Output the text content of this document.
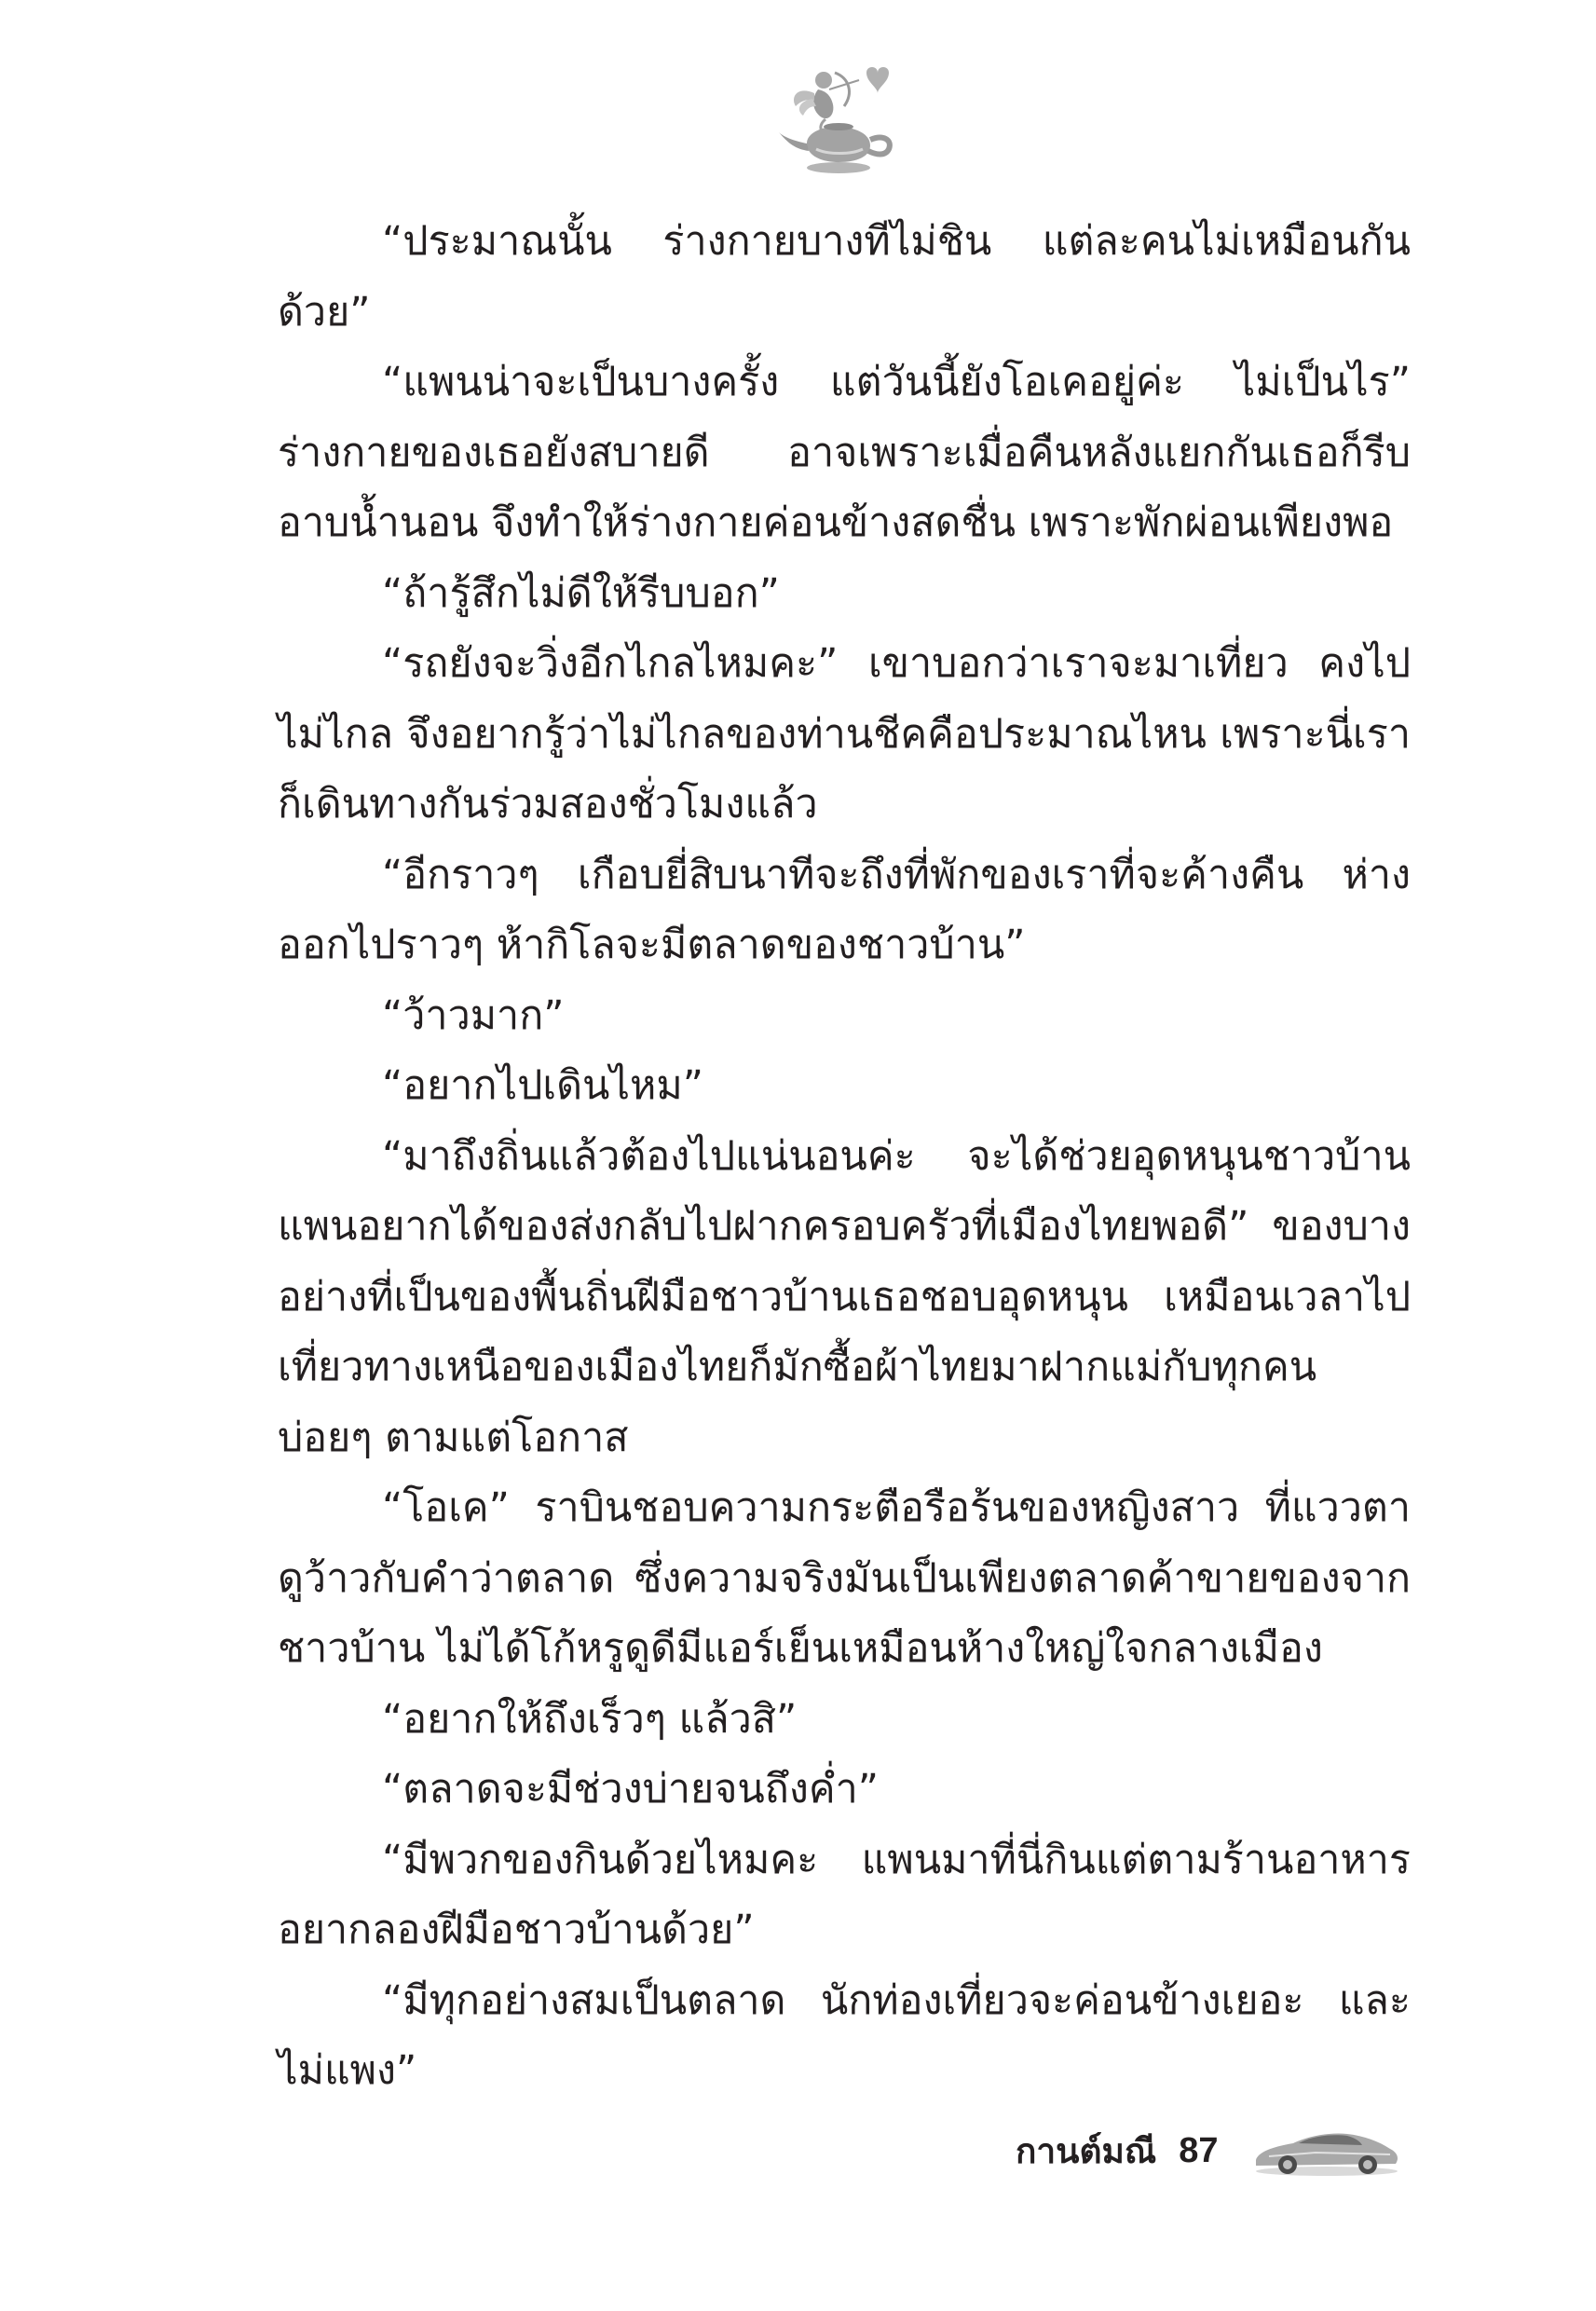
“ประมาณนั้น ร่างกายบางทีไม่ชิน แต่ละคนไม่เหมือนกันด้วย”

“แพนน่าจะเป็นบางครั้ง แต่วันนี้ยังโอเคอยู่ค่ะ ไม่เป็นไร” ร่างกายของเธอยังสบายดี อาจเพราะเมื่อคืนหลังแยกกันเธอก็รีบอาบน้ำนอน จึงทำให้ร่างกายค่อนข้างสดชื่น เพราะพักผ่อนเพียงพอ

“ถ้ารู้สึกไม่ดีให้รีบบอก”

“รถยังจะวิ่งอีกไกลไหมคะ” เขาบอกว่าเราจะมาเที่ยว คงไปไม่ไกล จึงอยากรู้ว่าไม่ไกลของท่านชีคคือประมาณไหน เพราะนี่เราก็เดินทางกันร่วมสองชั่วโมงแล้ว

“อีกราวๆ เกือบยี่สิบนาทีจะถึงที่พักของเราที่จะค้างคืน ห่างออกไปราวๆ ห้ากิโลจะมีตลาดของชาวบ้าน”

“ว้าวมาก”

“อยากไปเดินไหม”

“มาถึงถิ่นแล้วต้องไปแน่นอนค่ะ จะได้ช่วยอุดหนุนชาวบ้าน แพนอยากได้ของส่งกลับไปฝากครอบครัวที่เมืองไทยพอดี” ของบางอย่างที่เป็นของพื้นถิ่นฝีมือชาวบ้านเธอชอบอุดหนุน เหมือนเวลาไปเที่ยวทางเหนือของเมืองไทยก็มักซื้อผ้าไทยมาฝากแม่กับทุกคนบ่อยๆ ตามแต่โอกาส

“โอเค” ราบินชอบความกระตือรือร้นของหญิงสาว ที่แววตาดูว้าวกับคำว่าตลาด ซึ่งความจริงมันเป็นเพียงตลาดค้าขายของจากชาวบ้าน ไม่ได้โก้หรูดูดีมีแอร์เย็นเหมือนห้างใหญ่ใจกลางเมือง

“อยากให้ถึงเร็วๆ แล้วสิ”

“ตลาดจะมีช่วงบ่ายจนถึงค่ำ”

“มีพวกของกินด้วยไหมคะ แพนมาที่นี่กินแต่ตามร้านอาหาร อยากลองฝีมือชาวบ้านด้วย”

“มีทุกอย่างสมเป็นตลาด นักท่องเที่ยวจะค่อนข้างเยอะ และไม่แพง”

กานต์มณี 87
